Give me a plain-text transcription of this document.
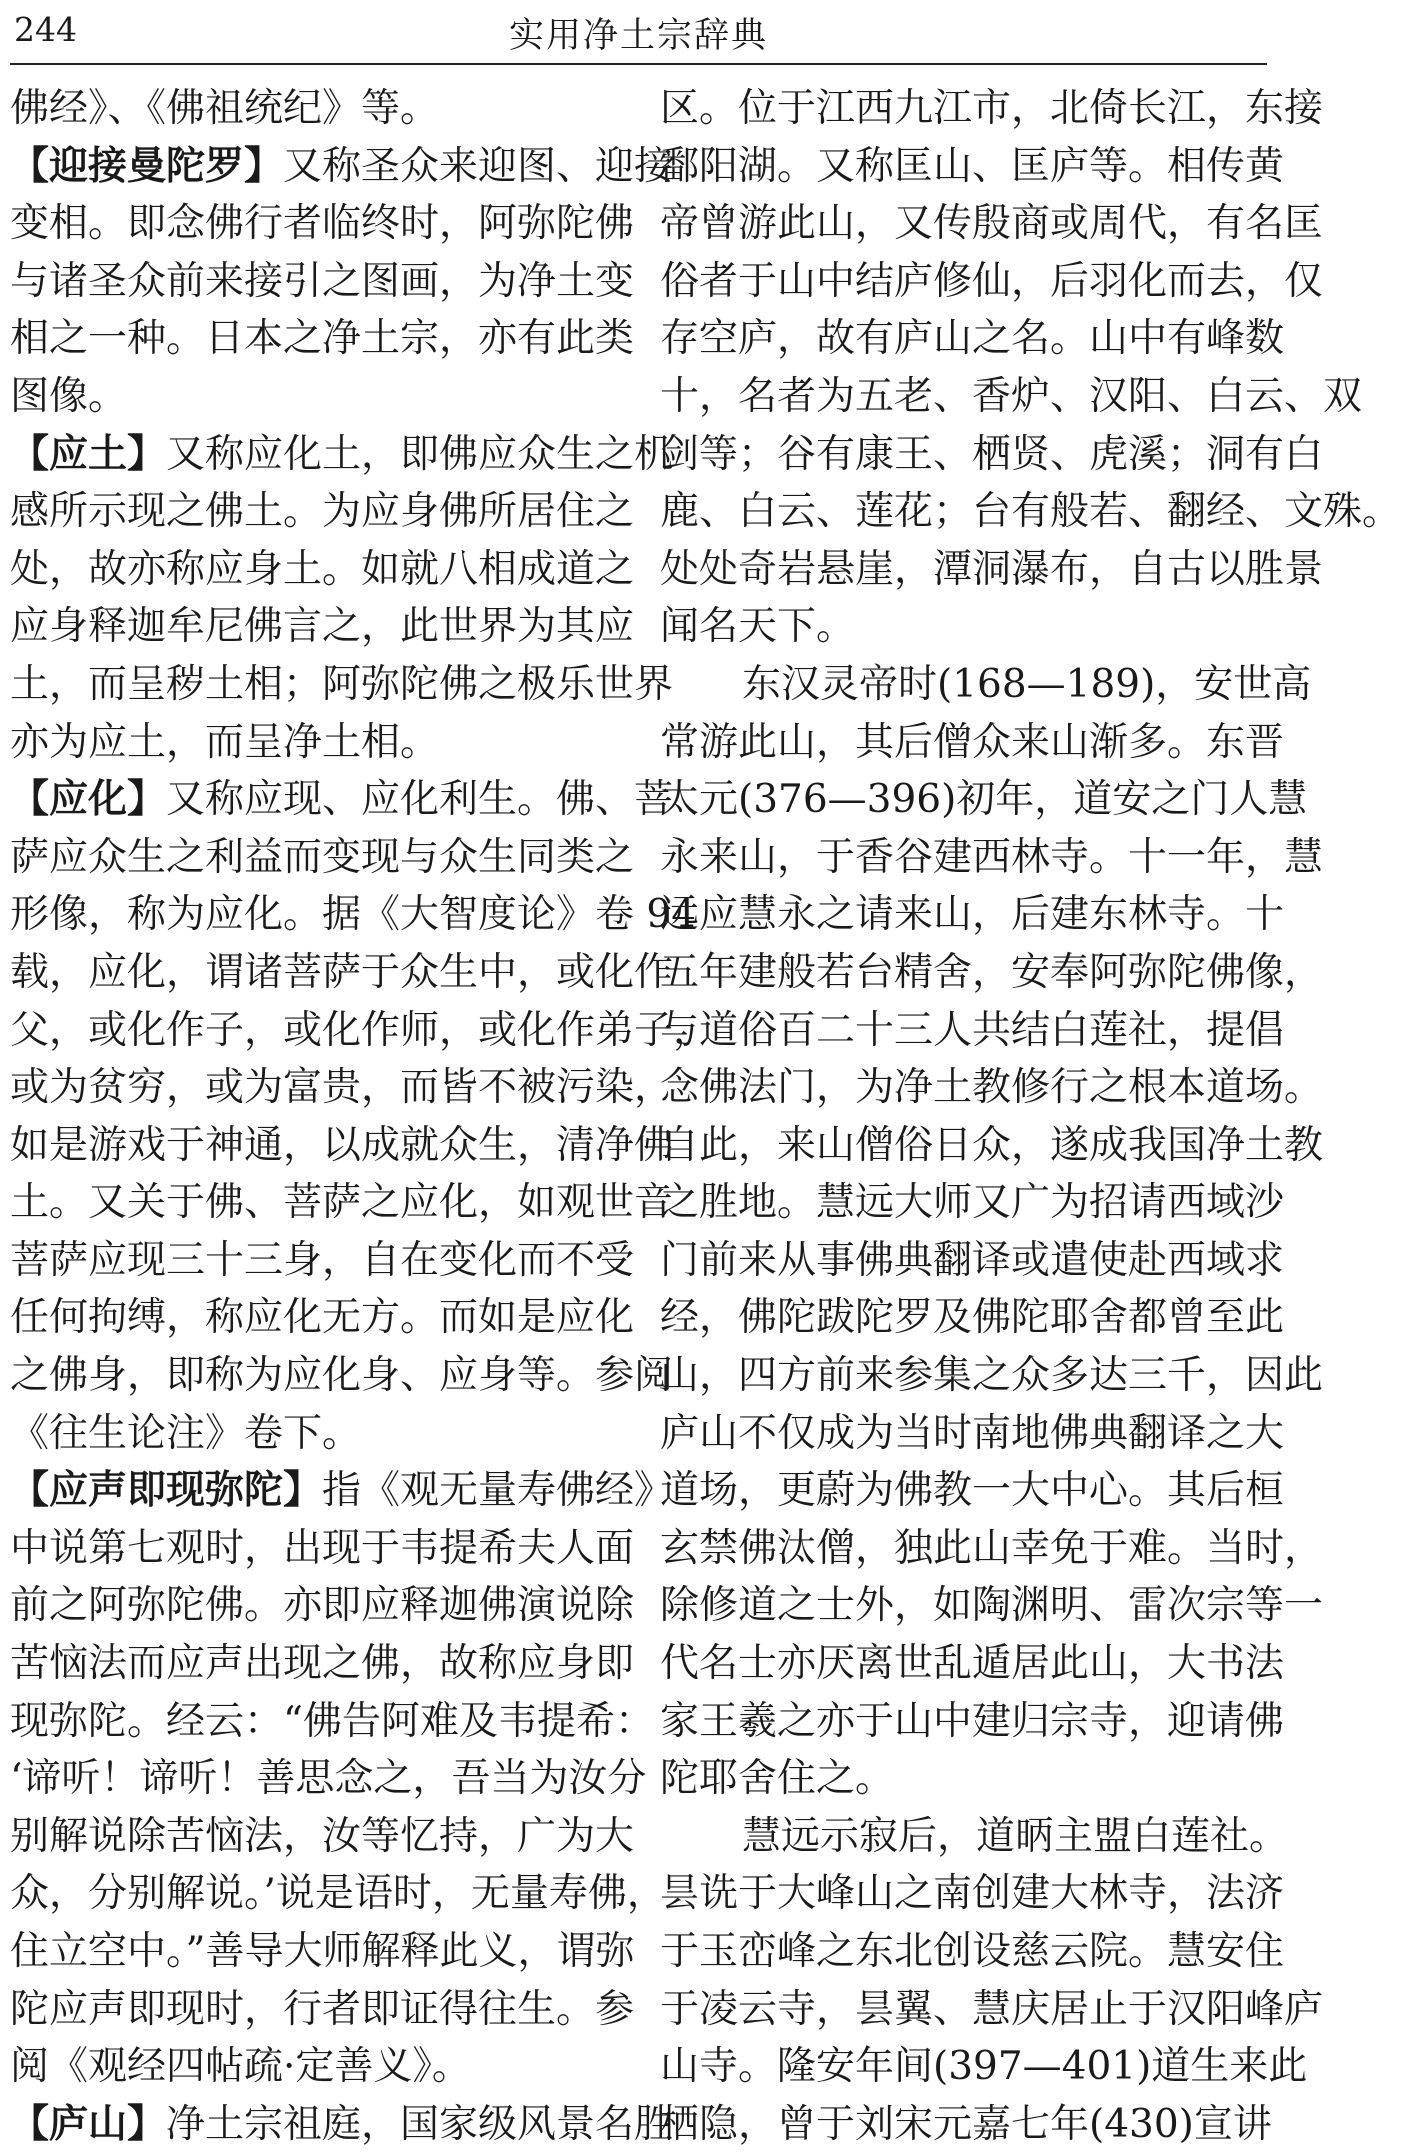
244	实用净土宗辞典
佛经》、《佛祖统纪》等。
【迎接曼陀罗】又称圣众来迎图、迎接
变相。即念佛行者临终时，阿弥陀佛
与诸圣众前来接引之图画，为净土变
相之一种。日本之净土宗，亦有此类
图像。
【应土】又称应化土，即佛应众生之机
感所示现之佛土。为应身佛所居住之
处，故亦称应身土。如就八相成道之
应身释迦牟尼佛言之，此世界为其应
土，而呈秽土相；阿弥陀佛之极乐世界
亦为应土，而呈净土相。
【应化】又称应现、应化利生。佛、菩
萨应众生之利益而变现与众生同类之
形像，称为应化。据《大智度论》卷 94
载，应化，谓诸菩萨于众生中，或化作
父，或化作子，或化作师，或化作弟子，
或为贫穷，或为富贵，而皆不被污染，
如是游戏于神通，以成就众生，清净佛
土。又关于佛、菩萨之应化，如观世音
菩萨应现三十三身，自在变化而不受
任何拘缚，称应化无方。而如是应化
之佛身，即称为应化身、应身等。参阅
《往生论注》卷下。
【应声即现弥陀】指《观无量寿佛经》
中说第七观时，出现于韦提希夫人面
前之阿弥陀佛。亦即应释迦佛演说除
苦恼法而应声出现之佛，故称应身即
现弥陀。经云：“佛告阿难及韦提希：
‘谛听！谛听！善思念之，吾当为汝分
别解说除苦恼法，汝等忆持，广为大
众，分别解说。’说是语时，无量寿佛，
住立空中。”善导大师解释此义，谓弥
陀应声即现时，行者即证得往生。参
阅《观经四帖疏·定善义》。
【庐山】净土宗祖庭，国家级风景名胜
区。位于江西九江市，北倚长江，东接
鄱阳湖。又称匡山、匡庐等。相传黄
帝曾游此山，又传殷商或周代，有名匡
俗者于山中结庐修仙，后羽化而去，仅
存空庐，故有庐山之名。山中有峰数
十，名者为五老、香炉、汉阳、白云、双
剑等；谷有康王、栖贤、虎溪；洞有白
鹿、白云、莲花；台有般若、翻经、文殊。
处处奇岩悬崖，潭洞瀑布，自古以胜景
闻名天下。
东汉灵帝时(168—189)，安世高
常游此山，其后僧众来山渐多。东晋
太元(376—396)初年，道安之门人慧
永来山，于香谷建西林寺。十一年，慧
远应慧永之请来山，后建东林寺。十
五年建般若台精舍，安奉阿弥陀佛像，
与道俗百二十三人共结白莲社，提倡
念佛法门，为净土教修行之根本道场。
自此，来山僧俗日众，遂成我国净土教
之胜地。慧远大师又广为招请西域沙
门前来从事佛典翻译或遣使赴西域求
经，佛陀跋陀罗及佛陀耶舍都曾至此
山，四方前来参集之众多达三千，因此
庐山不仅成为当时南地佛典翻译之大
道场，更蔚为佛教一大中心。其后桓
玄禁佛汰僧，独此山幸免于难。当时，
除修道之士外，如陶渊明、雷次宗等一
代名士亦厌离世乱遁居此山，大书法
家王羲之亦于山中建归宗寺，迎请佛
陀耶舍住之。
慧远示寂后，道昞主盟白莲社。
昙诜于大峰山之南创建大林寺，法济
于玉峦峰之东北创设慈云院。慧安住
于凌云寺，昙翼、慧庆居止于汉阳峰庐
山寺。隆安年间(397—401)道生来此
栖隐，曾于刘宋元嘉七年(430)宣讲
